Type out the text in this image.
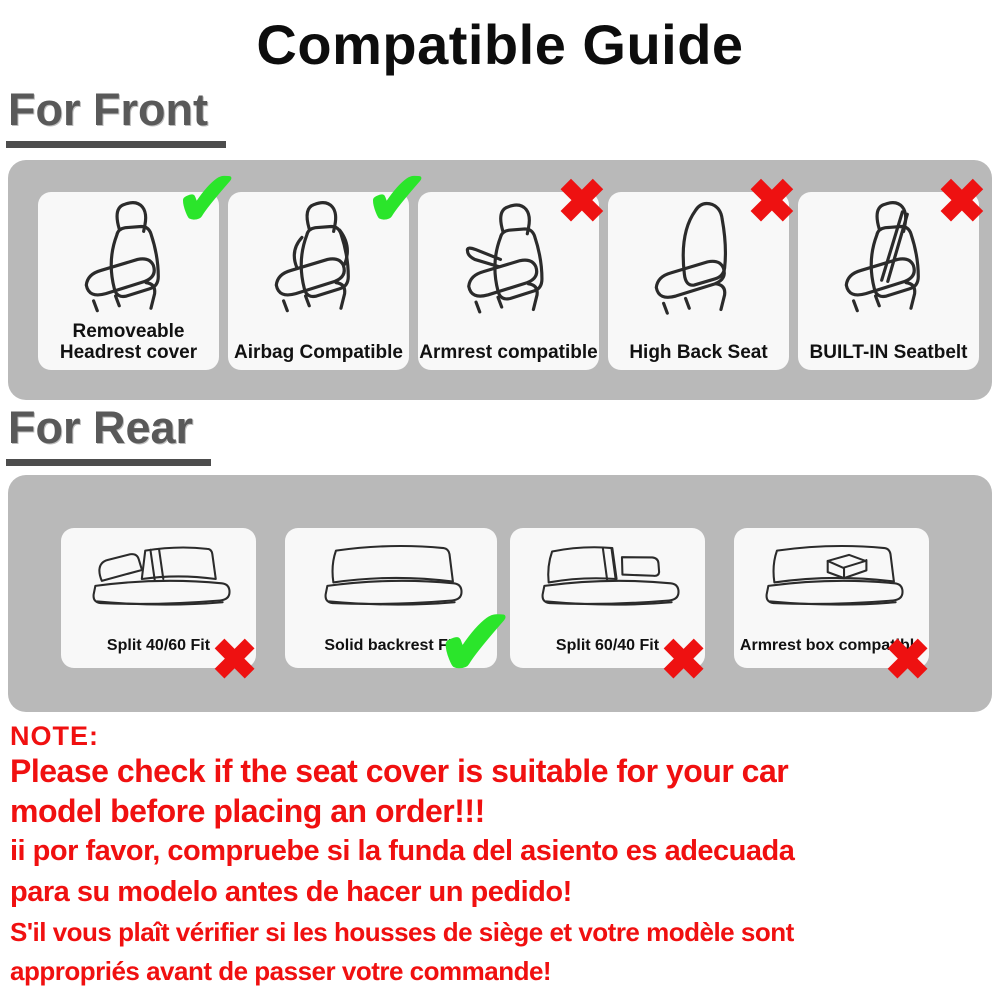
Compatible Guide
For Front
✔
Removeable Headrest cover
✔
Airbag Compatible
✖
Armrest compatible
✖
High Back Seat
✖
BUILT-IN Seatbelt
For Rear
✖
Split 40/60 Fit	✔
Solid backrest FIt	✖
Split 60/40 Fit	✖
Armrest box compatible
NOTE:
Please check if the seat cover is suitable for your car
model before placing an order!!!
ii por favor, compruebe si la funda del asiento es adecuada
para su modelo antes de hacer un pedido!
S'il vous plaît vérifier si les housses de siège et votre modèle sont
appropriés avant de passer votre commande!
